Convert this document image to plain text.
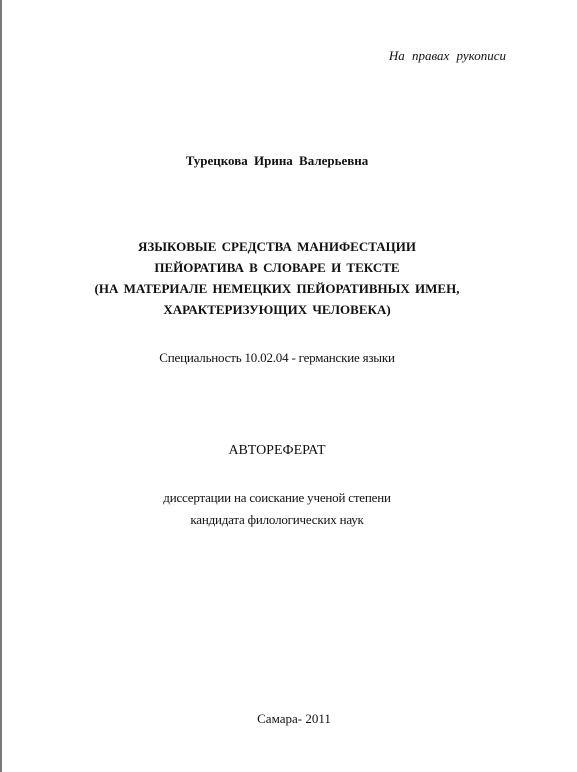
На правах рукописи
Турецкова Ирина Валерьевна
ЯЗЫКОВЫЕ СРЕДСТВА МАНИФЕСТАЦИИ
ПЕЙОРАТИВА В СЛОВАРЕ И ТЕКСТЕ
(НА МАТЕРИАЛЕ НЕМЕЦКИХ ПЕЙОРАТИВНЫХ ИМЕН,
ХАРАКТЕРИЗУЮЩИХ ЧЕЛОВЕКА)
Специальность 10.02.04 - германские языки
АВТОРЕФЕРАТ
диссертации на соискание ученой степени
кандидата филологических наук
Самара- 2011
